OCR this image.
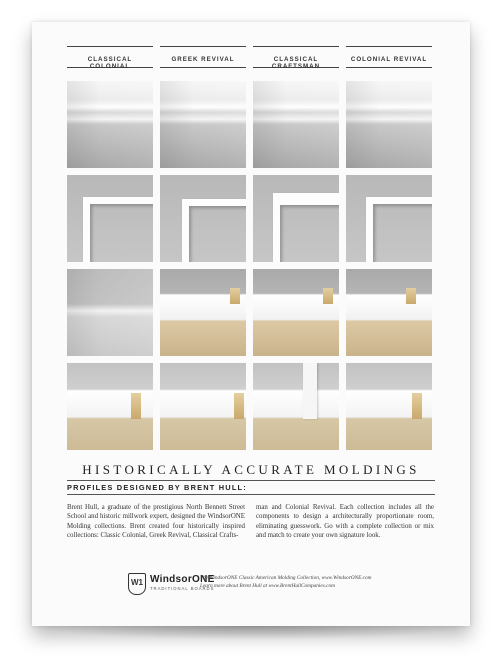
CLASSICAL COLONIAL
GREEK REVIVAL	CLASSICAL CRAFTSMAN
COLONIAL REVIVAL
HISTORICALLY ACCURATE MOLDINGS
PROFILES DESIGNED BY BRENT HULL:
Brent Hull, a graduate of the prestigious North Bennett Street School and historic millwork expert, designed the WindsorONE Molding collections. Brent created four historically inspired collections: Classic Colonial, Greek Revival, Classical Crafts-
man and Colonial Revival. Each collection includes all the components to design a architecturally proportionate room, eliminating guesswork. Go with a complete collection or mix and match to create your own signature look.
W1 WindsorONE
TRADITIONAL BOARDS
The WindsorONE Classic American Molding Collection, www.WindsorONE.com
Learn more about Brent Hull at www.BrentHullCompanies.com
